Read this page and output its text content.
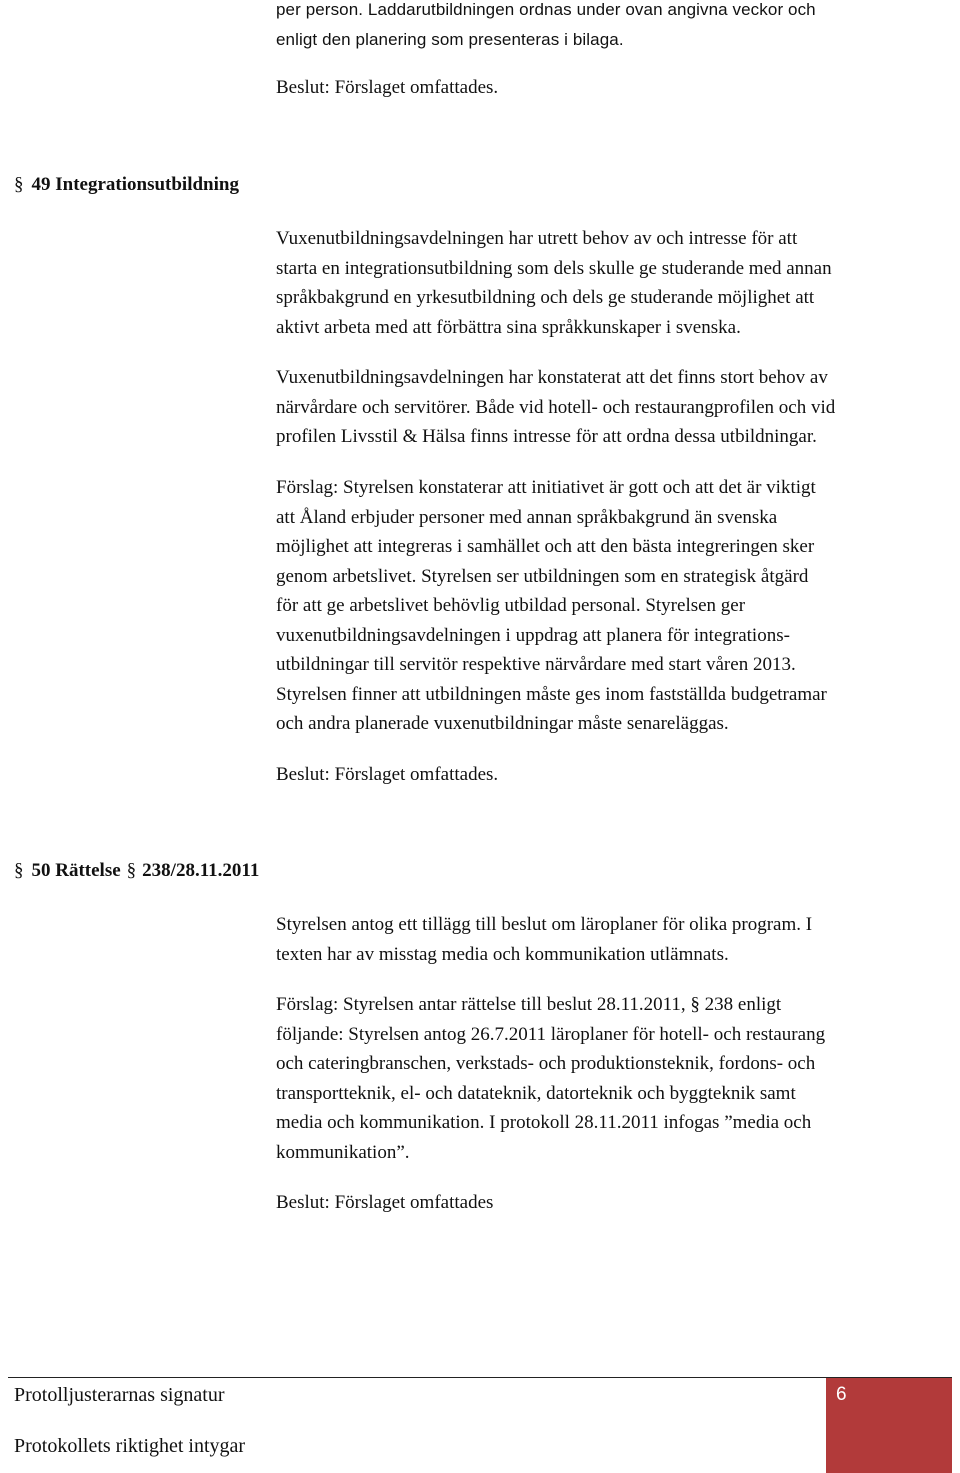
per person. Laddarutbildningen ordnas under ovan angivna veckor och
enligt den planering som presenteras i bilaga.

Beslut: Förslaget omfattades.

§ 49 Integrationsutbildning
Vuxenutbildningsavdelningen har utrett behov av och intresse för att
starta en integrationsutbildning som dels skulle ge studerande med annan
språkbakgrund en yrkesutbildning och dels ge studerande möjlighet att
aktivt arbeta med att förbättra sina språkkunskaper i svenska.
Vuxenutbildningsavdelningen har konstaterat att det finns stort behov av
närvårdare och servitörer. Både vid hotell- och restaurangprofilen och vid
profilen Livsstil & Hälsa finns intresse för att ordna dessa utbildningar.
Förslag: Styrelsen konstaterar att initiativet är gott och att det är viktigt
att Åland erbjuder personer med annan språkbakgrund än svenska
möjlighet att integreras i samhället och att den bästa integreringen sker
genom arbetslivet. Styrelsen ser utbildningen som en strategisk åtgärd
för att ge arbetslivet behövlig utbildad personal. Styrelsen ger
vuxenutbildningsavdelningen i uppdrag att planera för integrations-
utbildningar till servitör respektive närvårdare med start våren 2013.
Styrelsen finner att utbildningen måste ges inom fastställda budgetramar
och andra planerade vuxenutbildningar måste senareläggas.

Beslut: Förslaget omfattades.

§ 50 Rättelse § 238/28.11.2011
Styrelsen antog ett tillägg till beslut om läroplaner för olika program. I
texten har av misstag media och kommunikation utlämnats.
Förslag: Styrelsen antar rättelse till beslut 28.11.2011, § 238 enligt
följande: Styrelsen antog 26.7.2011 läroplaner för hotell- och restaurang
och cateringbranschen, verkstads- och produktionsteknik, fordons- och
transportteknik, el- och datateknik, datorteknik och byggteknik samt
media och kommunikation. I protokoll 28.11.2011 infogas ”media och
kommunikation”.

Beslut: Förslaget omfattades

6

Protolljusterarnas signatur

Protokollets riktighet intygar
